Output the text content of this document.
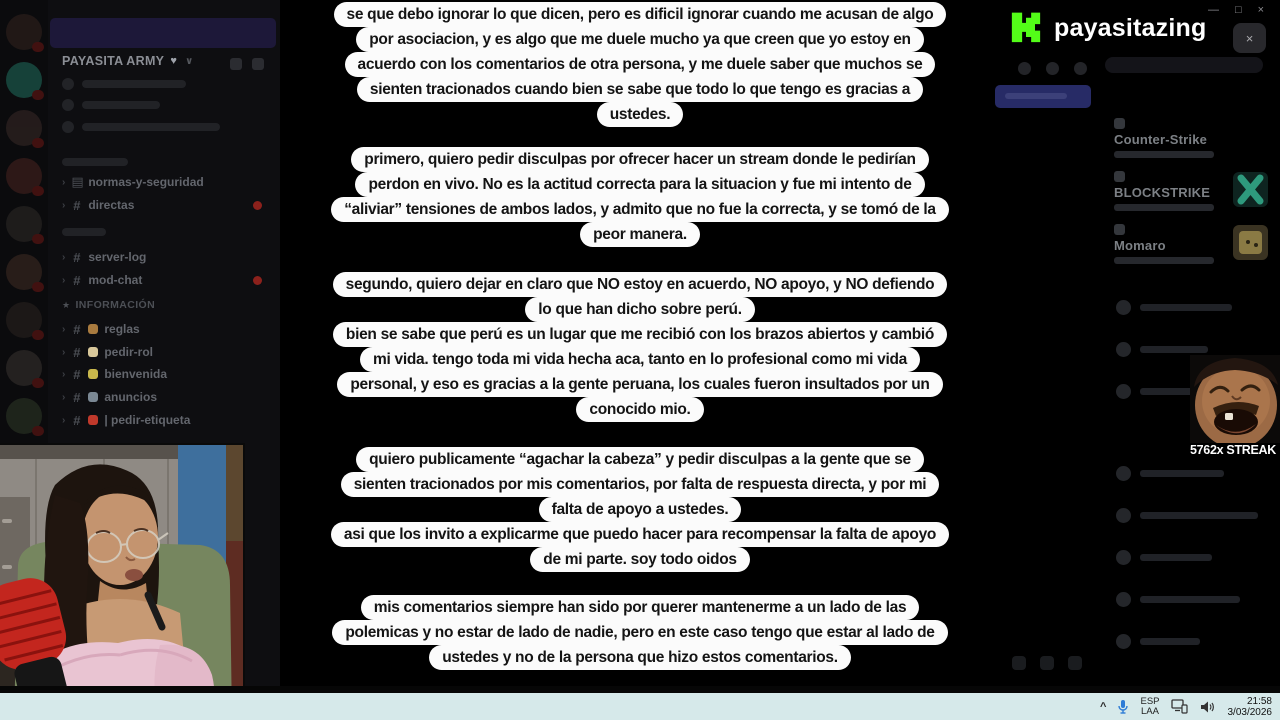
PAYASITA ARMY ♥ ∨
› ▤ normas-y-seguridad
› # directas
› # server-log
› # mod-chat
★ INFORMACIÓN
› # reglas
› # pedir-rol
› # bienvenida
› # anuncios
› # | pedir-etiqueta
se que debo ignorar lo que dicen, pero es dificil ignorar cuando me acusan de algo
por asociacion, y es algo que me duele mucho ya que creen que yo estoy en
acuerdo con los comentarios de otra persona, y me duele saber que muchos se
sienten tracionados cuando bien se sabe que todo lo que tengo es gracias a
ustedes.
primero, quiero pedir disculpas por ofrecer hacer un stream donde le pedirían
perdon en vivo. No es la actitud correcta para la situacion y fue mi intento de
“aliviar” tensiones de ambos lados, y admito que no fue la correcta, y se tomó de la
peor manera.
segundo, quiero dejar en claro que NO estoy en acuerdo, NO apoyo, y NO defiendo
lo que han dicho sobre perú.
bien se sabe que perú es un lugar que me recibió con los brazos abiertos y cambió
mi vida. tengo toda mi vida hecha aca, tanto en lo profesional como mi vida
personal, y eso es gracias a la gente peruana, los cuales fueron insultados por un
conocido mio.
quiero publicamente “agachar la cabeza” y pedir disculpas a la gente que se
sienten tracionados por mis comentarios, por falta de respuesta directa, y por mi
falta de apoyo a ustedes.
asi que los invito a explicarme que puedo hacer para recompensar la falta de apoyo
de mi parte. soy todo oidos
mis comentarios siempre han sido por querer mantenerme a un lado de las
polemicas y no estar de lado de nadie, pero en este caso tengo que estar al lado de
ustedes y no de la persona que hizo estos comentarios.
— □ ×
payasitazing	×
Counter-Strike
BLOCKSTRIKE
Momaro
5762x STREAK
^	ESP
LAA
21:58
3/03/2026
